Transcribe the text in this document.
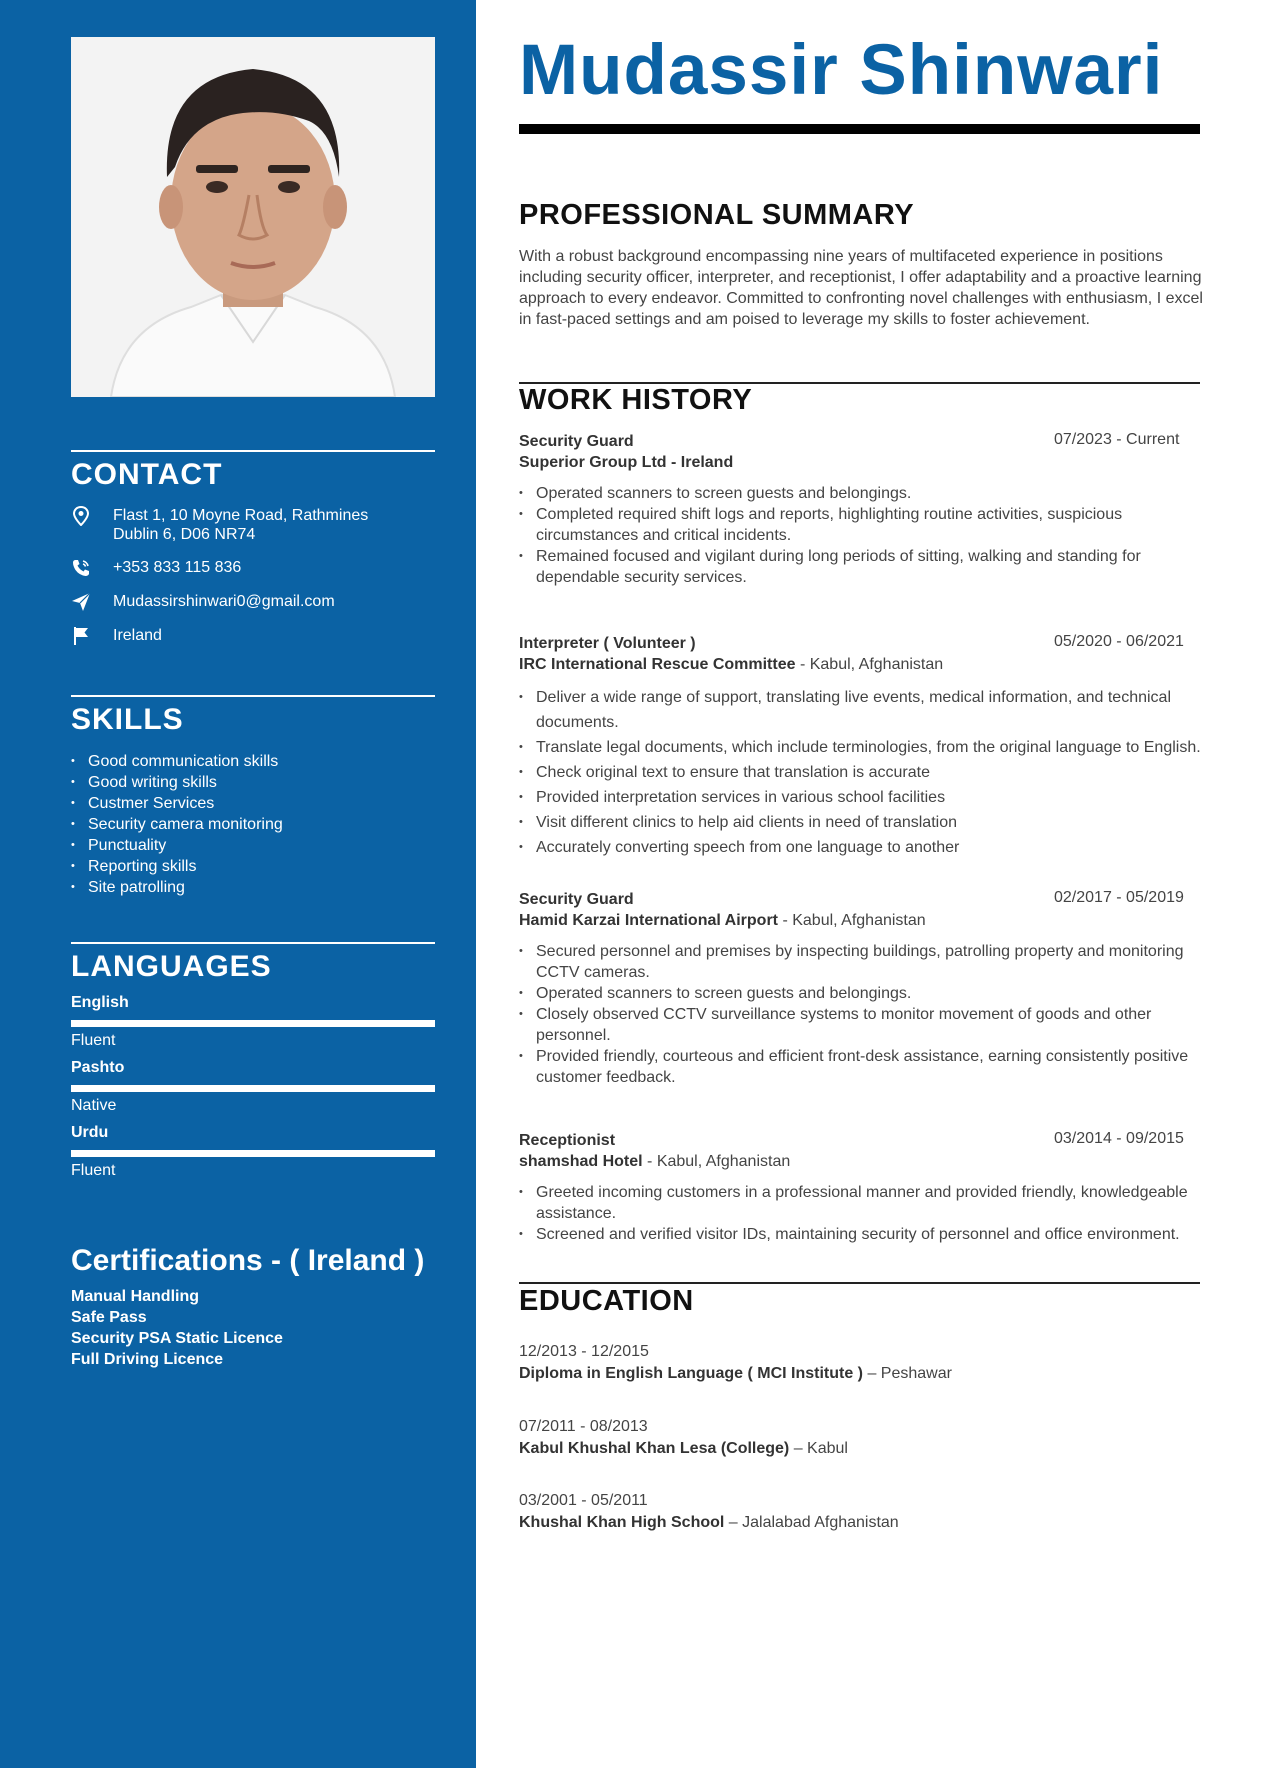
CONTACT
Flast 1, 10 Moyne Road, Rathmines
Dublin 6, D06 NR74
+353 833 115 836
Mudassirshinwari0@gmail.com
Ireland
SKILLS
• Good communication skills
• Good writing skills
• Custmer Services
• Security camera monitoring
• Punctuality
• Reporting skills
• Site patrolling
LANGUAGES
English
Fluent
Pashto
Native
Urdu
Fluent
Certifications - ( Ireland )
Manual Handling
Safe Pass
Security PSA Static Licence
Full Driving Licence
Mudassir Shinwari
PROFESSIONAL SUMMARY
With a robust background encompassing nine years of multifaceted experience in positions including security officer, interpreter, and receptionist, I offer adaptability and a proactive learning approach to every endeavor. Committed to confronting novel challenges with enthusiasm, I excel in fast-paced settings and am poised to leverage my skills to foster achievement.
WORK HISTORY
Security Guard	07/2023 - Current
Superior Group Ltd - Ireland
• Operated scanners to screen guests and belongings.
• Completed required shift logs and reports, highlighting routine activities, suspicious circumstances and critical incidents.
• Remained focused and vigilant during long periods of sitting, walking and standing for dependable security services.
Interpreter ( Volunteer )	05/2020 - 06/2021
IRC International Rescue Committee - Kabul, Afghanistan
• Deliver a wide range of support, translating live events, medical information, and technical documents.
• Translate legal documents, which include terminologies, from the original language to English.
• Check original text to ensure that translation is accurate
• Provided interpretation services in various school facilities
• Visit different clinics to help aid clients in need of translation
• Accurately converting speech from one language to another
Security Guard	02/2017 - 05/2019
Hamid Karzai International Airport - Kabul, Afghanistan
• Secured personnel and premises by inspecting buildings, patrolling property and monitoring CCTV cameras.
• Operated scanners to screen guests and belongings.
• Closely observed CCTV surveillance systems to monitor movement of goods and other personnel.
• Provided friendly, courteous and efficient front-desk assistance, earning consistently positive customer feedback.
Receptionist	03/2014 - 09/2015
shamshad Hotel - Kabul, Afghanistan
• Greeted incoming customers in a professional manner and provided friendly, knowledgeable assistance.
• Screened and verified visitor IDs, maintaining security of personnel and office environment.
EDUCATION
12/2013 - 12/2015
Diploma in English Language ( MCI Institute ) – Peshawar
07/2011 - 08/2013
Kabul Khushal Khan Lesa (College) – Kabul
03/2001 - 05/2011
Khushal Khan High School – Jalalabad Afghanistan
